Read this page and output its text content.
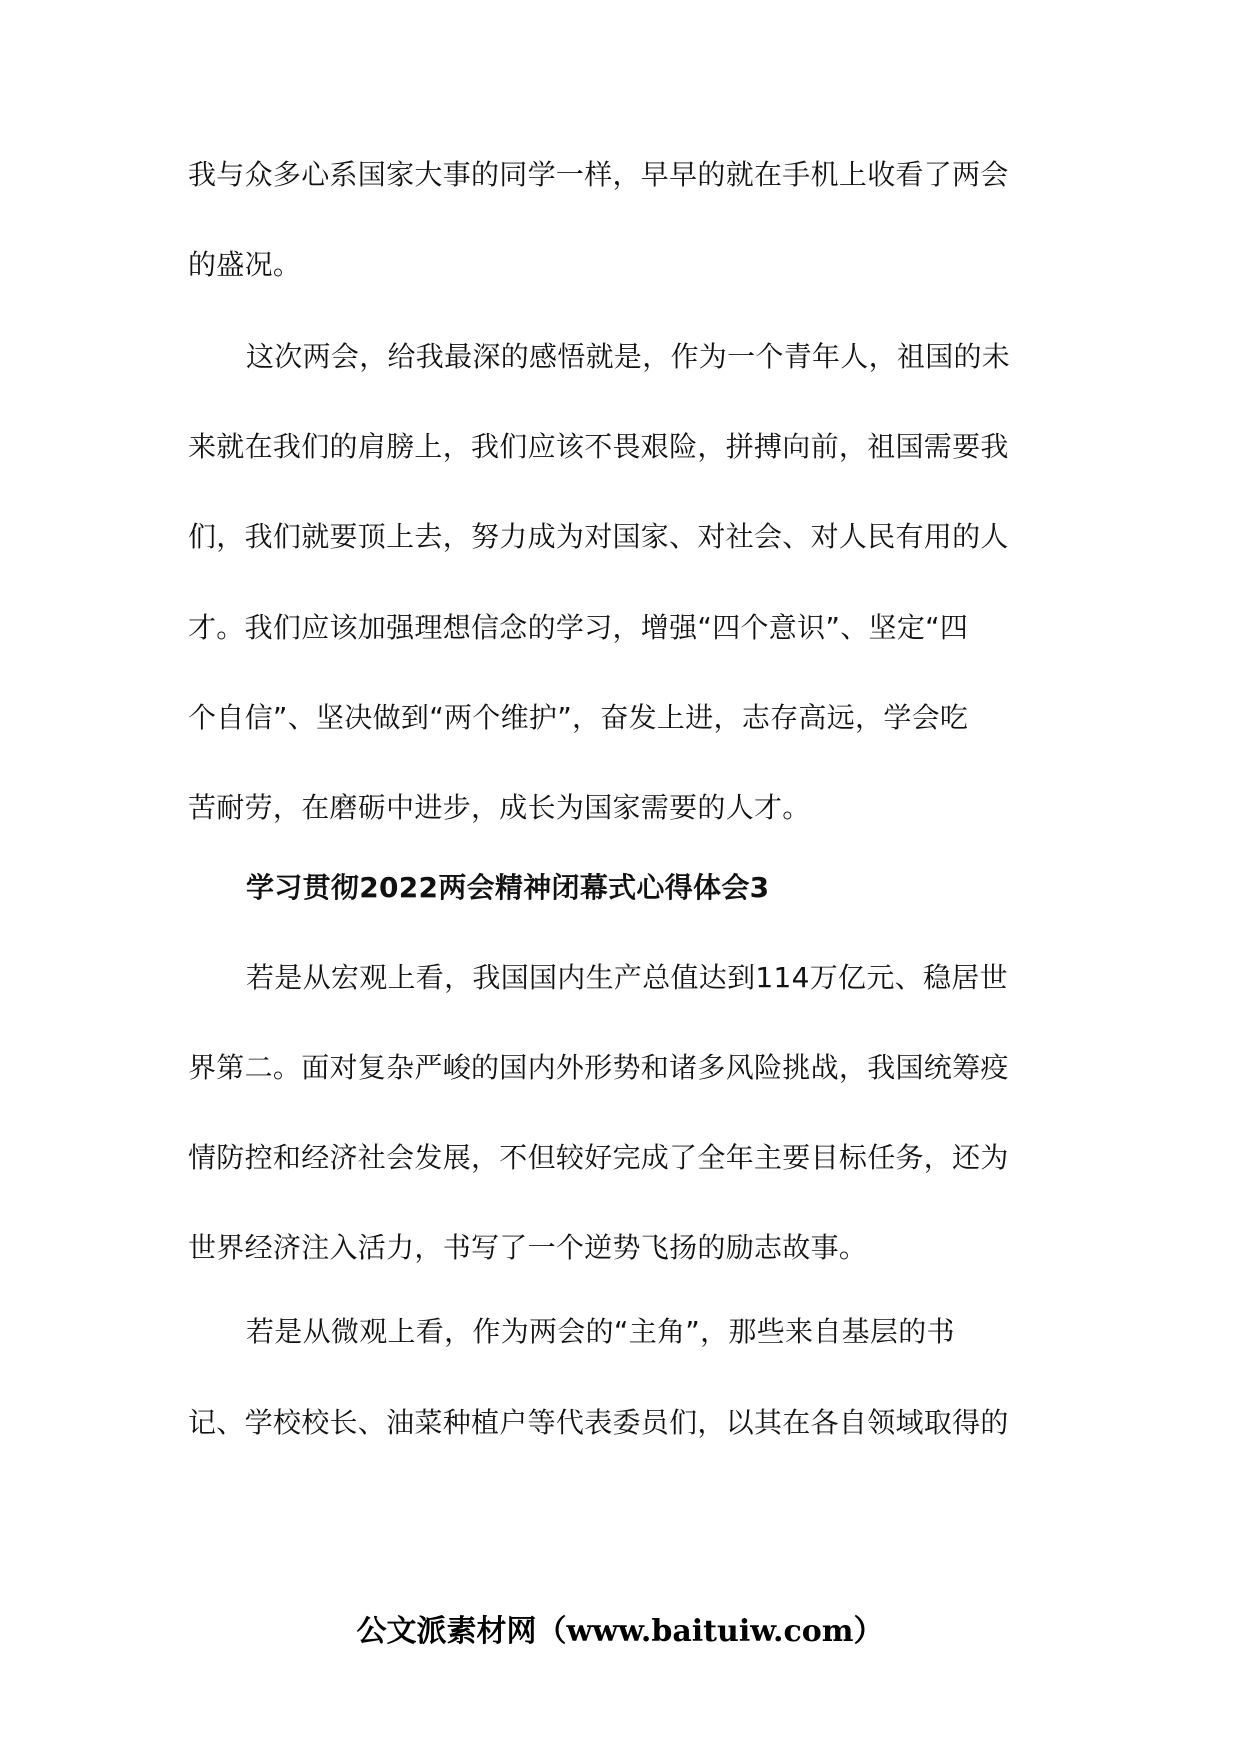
我与众多心系国家大事的同学一样，早早的就在手机上收看了两会
的盛况。
这次两会，给我最深的感悟就是，作为一个青年人，祖国的未
来就在我们的肩膀上，我们应该不畏艰险，拼搏向前，祖国需要我
们，我们就要顶上去，努力成为对国家、对社会、对人民有用的人
才。我们应该加强理想信念的学习，增强“四个意识”、坚定“四
个自信”、坚决做到“两个维护”，奋发上进，志存高远，学会吃
苦耐劳，在磨砺中进步，成长为国家需要的人才。
学习贯彻2022两会精神闭幕式心得体会3
若是从宏观上看，我国国内生产总值达到114万亿元、稳居世
界第二。面对复杂严峻的国内外形势和诸多风险挑战，我国统筹疫
情防控和经济社会发展，不但较好完成了全年主要目标任务，还为
世界经济注入活力，书写了一个逆势飞扬的励志故事。
若是从微观上看，作为两会的“主角”，那些来自基层的书
记、学校校长、油菜种植户等代表委员们，以其在各自领域取得的
公文派素材网（www.baituiw.com）
